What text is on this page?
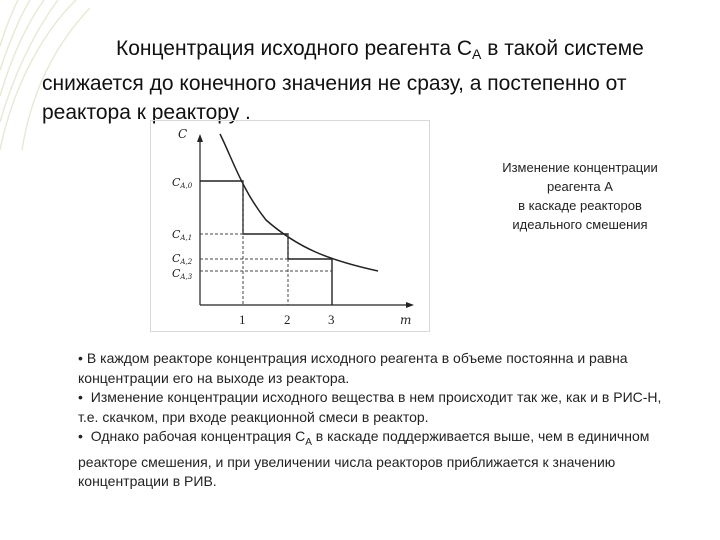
Концентрация исходного реагента $C_A$ в такой системе снижается до конечного значения не сразу, а постепенно от реактора к реактору .
C
m
CA,0
CA,1
CA,2
CA,3
1	2	3
Изменение концентрации
реагента A
в каскаде реакторов
идеального смешения

• В каждом реакторе концентрация исходного реагента в объеме постоянна и равна концентрации его на выходе из реактора.

• Изменение концентрации исходного вещества в нем происходит так же, как и в РИС-Н, т.е. скачком, при входе реакционной смеси в реактор.

• Однако рабочая концентрация $C_A$ в каскаде поддерживается выше, чем в единичном реакторе смешения, и при увеличении числа реакторов приближается к значению концентрации в РИВ.
